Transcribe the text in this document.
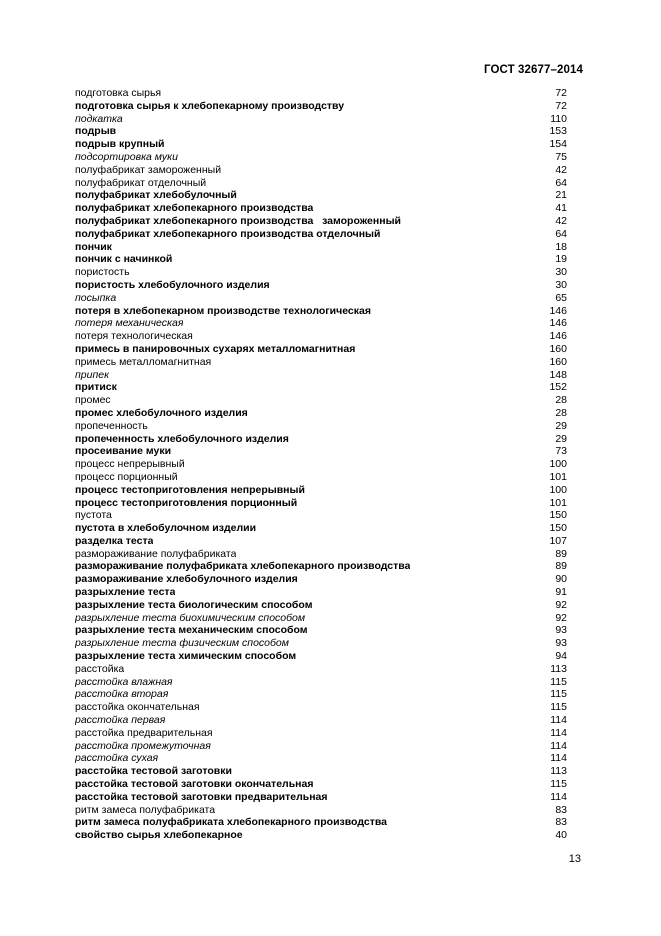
ГОСТ 32677–2014
подготовка сырья	72
подготовка сырья к хлебопекарному производству	72
подкатка	110
подрыв	153
подрыв крупный	154
подсортировка муки	75
полуфабрикат замороженный	42
полуфабрикат отделочный	64
полуфабрикат хлебобулочный	21
полуфабрикат хлебопекарного производства	41
полуфабрикат хлебопекарного производства   замороженный	42
полуфабрикат хлебопекарного производства отделочный	64
пончик	18
пончик с начинкой	19
пористость	30
пористость хлебобулочного изделия	30
посыпка	65
потеря в хлебопекарном производстве технологическая	146
потеря механическая	146
потеря технологическая	146
примесь в панировочных сухарях металломагнитная	160
примесь металломагнитная	160
припек	148
притиск	152
промес	28
промес хлебобулочного изделия	28
пропеченность	29
пропеченность хлебобулочного изделия	29
просеивание муки	73
процесс непрерывный	100
процесс порционный	101
процесс тестоприготовления непрерывный	100
процесс тестоприготовления порционный	101
пустота	150
пустота в хлебобулочном изделии	150
разделка теста	107
размораживание полуфабриката	89
размораживание полуфабриката хлебопекарного производства	89
размораживание хлебобулочного изделия	90
разрыхление теста	91
разрыхление теста биологическим способом	92
разрыхление теста биохимическим способом	92
разрыхление теста механическим способом	93
разрыхление теста физическим способом	93
разрыхление теста химическим способом	94
расстойка	113
расстойка влажная	115
расстойка вторая	115
расстойка окончательная	115
расстойка первая	114
расстойка предварительная	114
расстойка промежуточная	114
расстойка сухая	114
расстойка тестовой заготовки	113
расстойка тестовой заготовки окончательная	115
расстойка тестовой заготовки предварительная	114
ритм замеса полуфабриката	83
ритм замеса полуфабриката хлебопекарного производства	83
свойство сырья хлебопекарное	40
13
